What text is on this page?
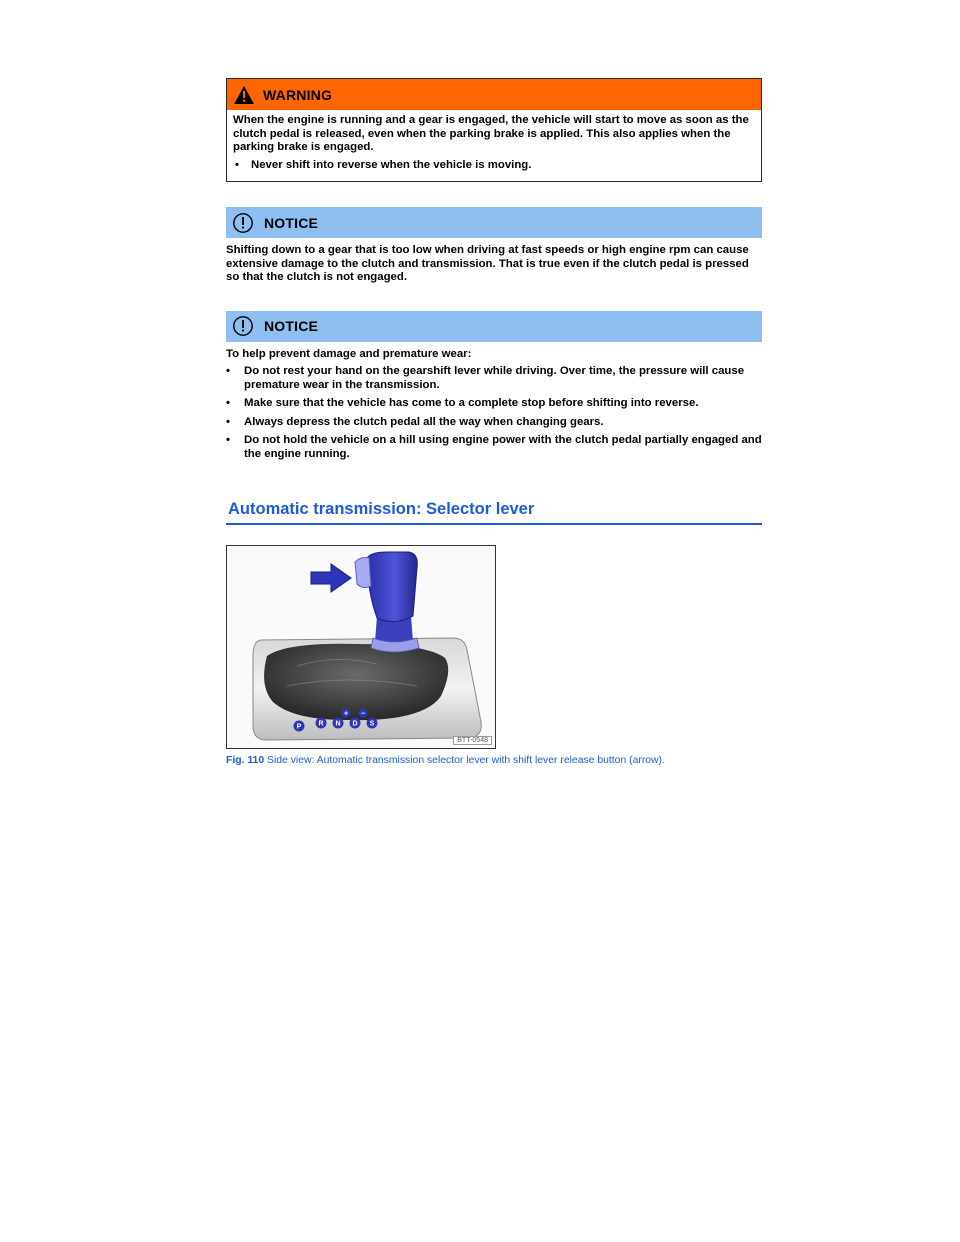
WARNING

When the engine is running and a gear is engaged, the vehicle will start to move as soon as the clutch pedal is released, even when the parking brake is applied. This also applies when the parking brake is engaged.

•	Never shift into reverse when the vehicle is moving.
NOTICE

Shifting down to a gear that is too low when driving at fast speeds or high engine rpm can cause extensive damage to the clutch and transmission. That is true even if the clutch pedal is pressed so that the clutch is not engaged.

NOTICE

To help prevent damage and premature wear:

•	Do not rest your hand on the gearshift lever while driving. Over time, the pressure will cause premature wear in the transmission.
•	Make sure that the vehicle has come to a complete stop before shifting into reverse.
•	Always depress the clutch pedal all the way when changing gears.
•	Do not hold the vehicle on a hill using engine power with the clutch pedal partially engaged and the engine running.
Automatic transmission: Selector lever
P R N D S
+ −
BTT-0548
Fig. 110 Side view: Automatic transmission selector lever with shift lever release button (arrow).
